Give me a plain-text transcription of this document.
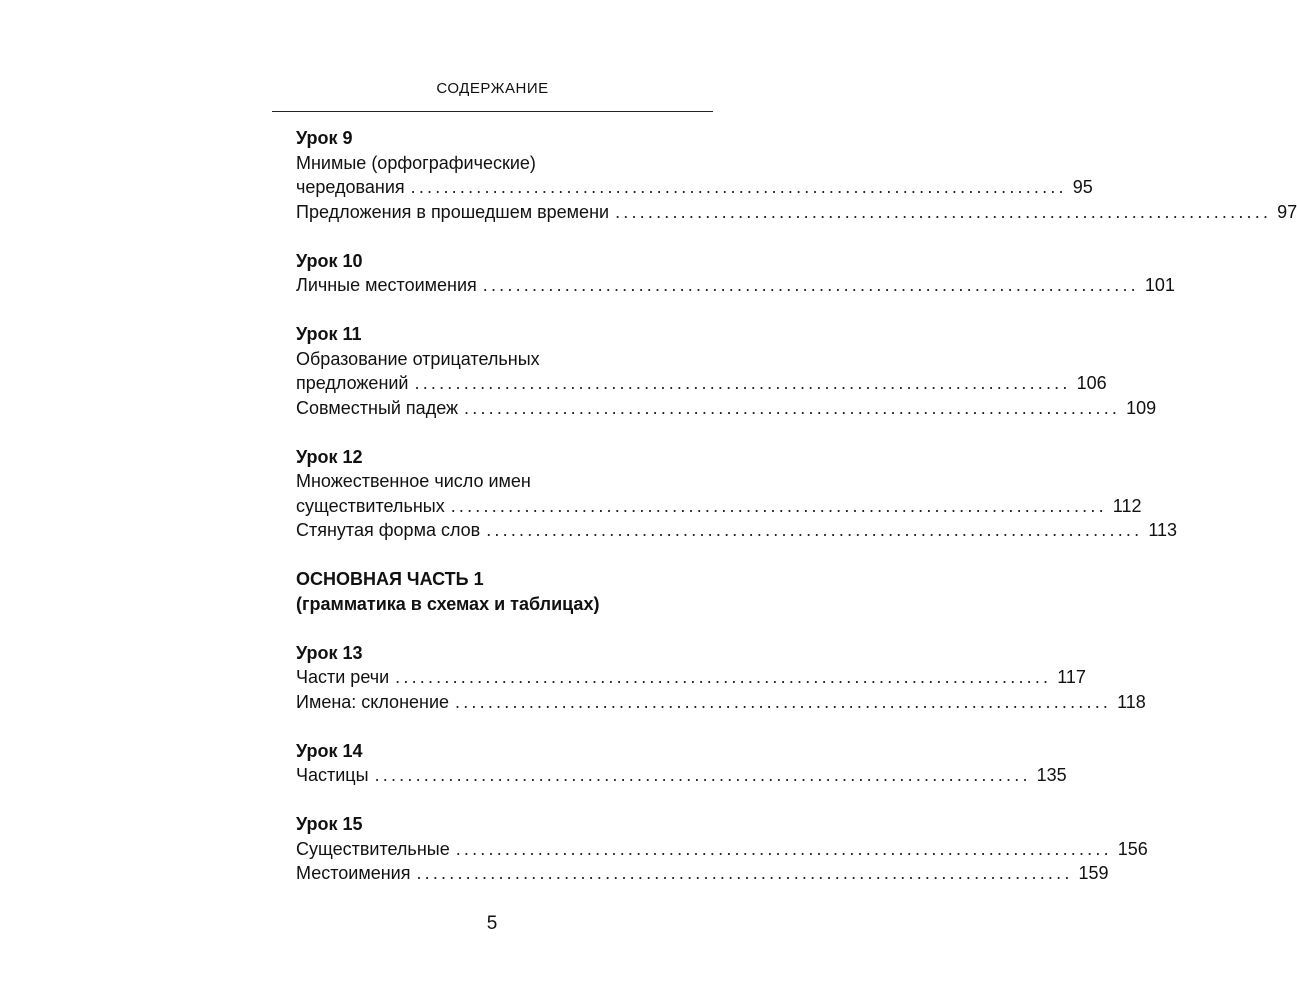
СОДЕРЖАНИЕ
Урок 9
Мнимые (орфографические)
чередования ................................................................................ 95
Предложения в прошедшем времени ................................................................................ 97
Урок 10
Личные местоимения ................................................................................ 101
Урок 11
Образование отрицательных
предложений ................................................................................ 106
Совместный падеж ................................................................................ 109
Урок 12
Множественное число имен
существительных ................................................................................ 112
Стянутая форма слов ................................................................................ 113
ОСНОВНАЯ ЧАСТЬ 1
(грамматика в схемах и таблицах)
Урок 13
Части речи ................................................................................ 117
Имена: склонение ................................................................................ 118
Урок 14
Частицы ................................................................................ 135
Урок 15
Существительные ................................................................................ 156
Местоимения ................................................................................ 159
5
